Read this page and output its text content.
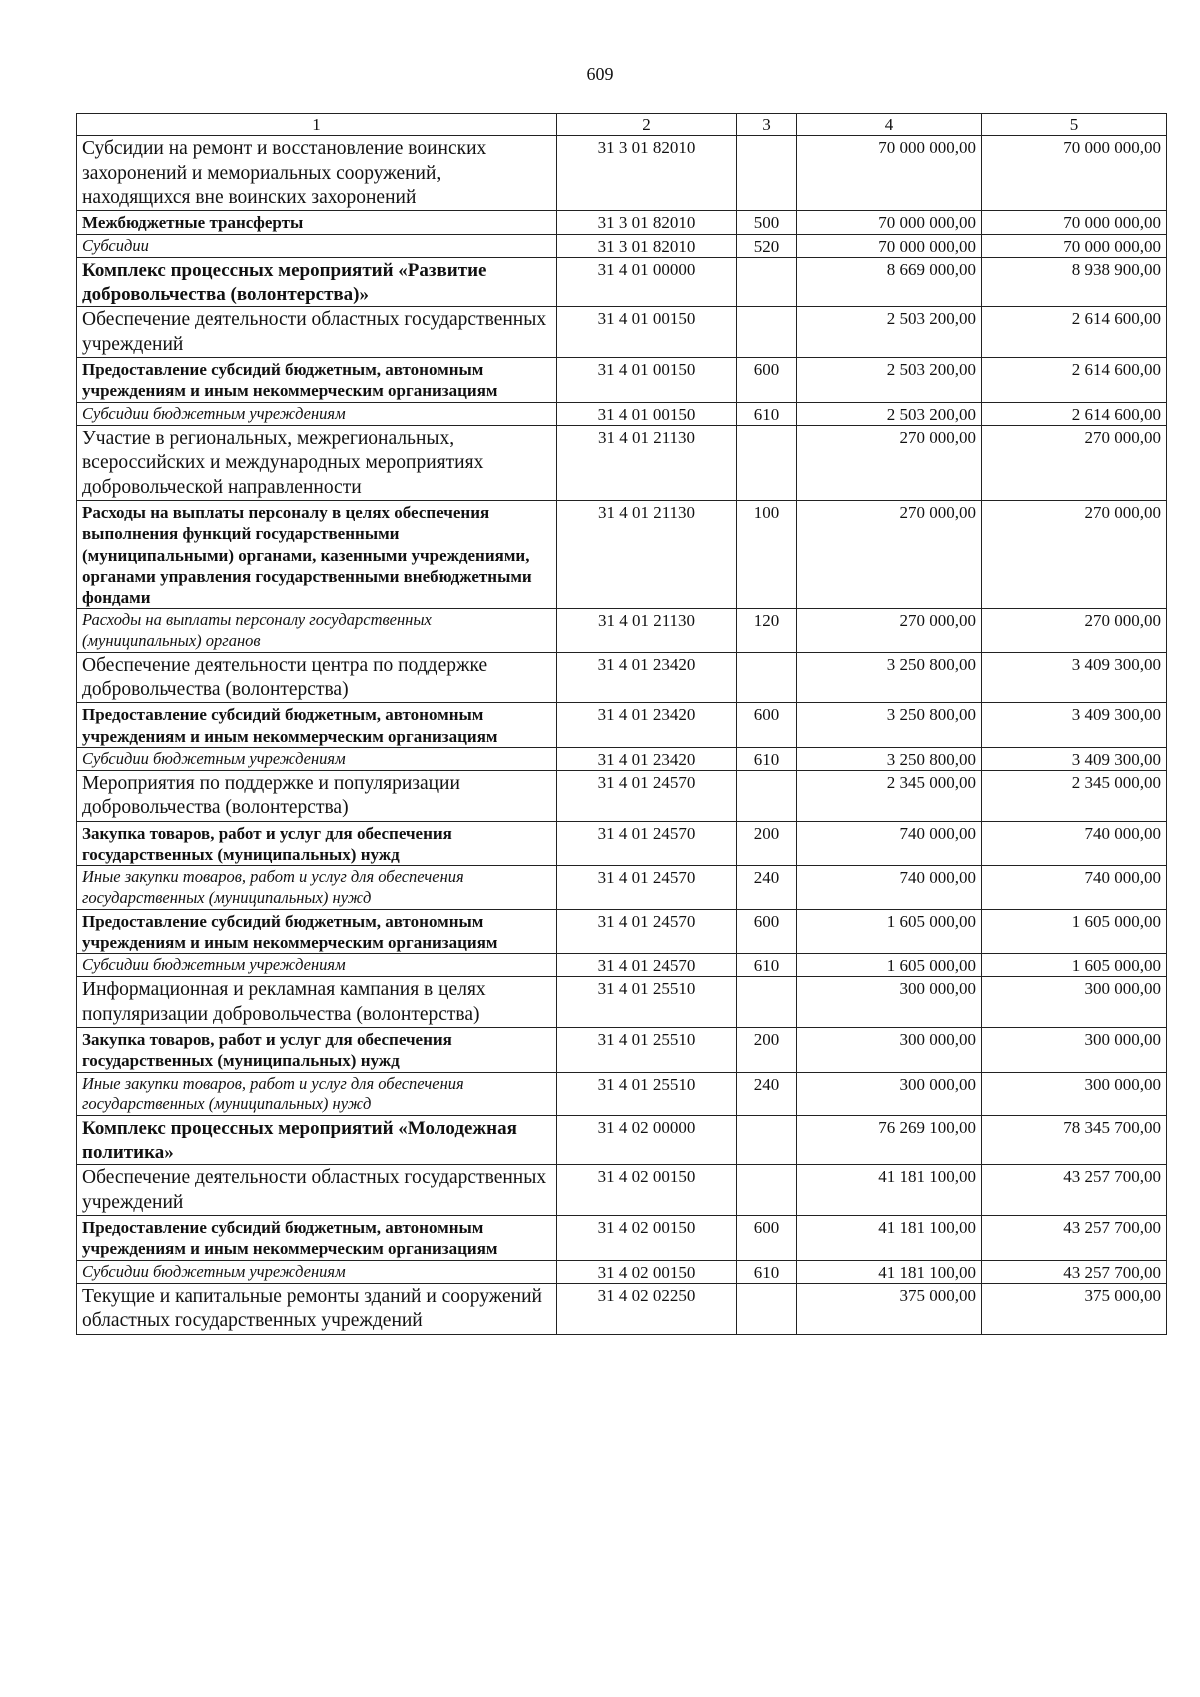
609
1	2	3	4	5
Субсидии на ремонт и восстановление воинских захоронений и мемориальных сооружений, находящихся вне воинских захоронений	31 3 01 82010		70 000 000,00	70 000 000,00
Межбюджетные трансферты	31 3 01 82010	500	70 000 000,00	70 000 000,00
Субсидии	31 3 01 82010	520	70 000 000,00	70 000 000,00
Комплекс процессных мероприятий «Развитие добровольчества (волонтерства)»	31 4 01 00000		8 669 000,00	8 938 900,00
Обеспечение деятельности областных государственных учреждений	31 4 01 00150		2 503 200,00	2 614 600,00
Предоставление субсидий бюджетным, автономным учреждениям и иным некоммерческим организациям	31 4 01 00150	600	2 503 200,00	2 614 600,00
Субсидии бюджетным учреждениям	31 4 01 00150	610	2 503 200,00	2 614 600,00
Участие в региональных, межрегиональных, всероссийских и международных мероприятиях добровольческой направленности	31 4 01 21130		270 000,00	270 000,00
Расходы на выплаты персоналу в целях обеспечения выполнения функций государственными (муниципальными) органами, казенными учреждениями, органами управления государственными внебюджетными фондами	31 4 01 21130	100	270 000,00	270 000,00
Расходы на выплаты персоналу государственных (муниципальных) органов	31 4 01 21130	120	270 000,00	270 000,00
Обеспечение деятельности центра по поддержке добровольчества (волонтерства)	31 4 01 23420		3 250 800,00	3 409 300,00
Предоставление субсидий бюджетным, автономным учреждениям и иным некоммерческим организациям	31 4 01 23420	600	3 250 800,00	3 409 300,00
Субсидии бюджетным учреждениям	31 4 01 23420	610	3 250 800,00	3 409 300,00
Мероприятия по поддержке и популяризации добровольчества (волонтерства)	31 4 01 24570		2 345 000,00	2 345 000,00
Закупка товаров, работ и услуг для обеспечения государственных (муниципальных) нужд	31 4 01 24570	200	740 000,00	740 000,00
Иные закупки товаров, работ и услуг для обеспечения государственных (муниципальных) нужд	31 4 01 24570	240	740 000,00	740 000,00
Предоставление субсидий бюджетным, автономным учреждениям и иным некоммерческим организациям	31 4 01 24570	600	1 605 000,00	1 605 000,00
Субсидии бюджетным учреждениям	31 4 01 24570	610	1 605 000,00	1 605 000,00
Информационная и рекламная кампания в целях популяризации добровольчества (волонтерства)	31 4 01 25510		300 000,00	300 000,00
Закупка товаров, работ и услуг для обеспечения государственных (муниципальных) нужд	31 4 01 25510	200	300 000,00	300 000,00
Иные закупки товаров, работ и услуг для обеспечения государственных (муниципальных) нужд	31 4 01 25510	240	300 000,00	300 000,00
Комплекс процессных мероприятий «Молодежная политика»	31 4 02 00000		76 269 100,00	78 345 700,00
Обеспечение деятельности областных государственных учреждений	31 4 02 00150		41 181 100,00	43 257 700,00
Предоставление субсидий бюджетным, автономным учреждениям и иным некоммерческим организациям	31 4 02 00150	600	41 181 100,00	43 257 700,00
Субсидии бюджетным учреждениям	31 4 02 00150	610	41 181 100,00	43 257 700,00
Текущие и капитальные ремонты зданий и сооружений областных государственных учреждений	31 4 02 02250		375 000,00	375 000,00
